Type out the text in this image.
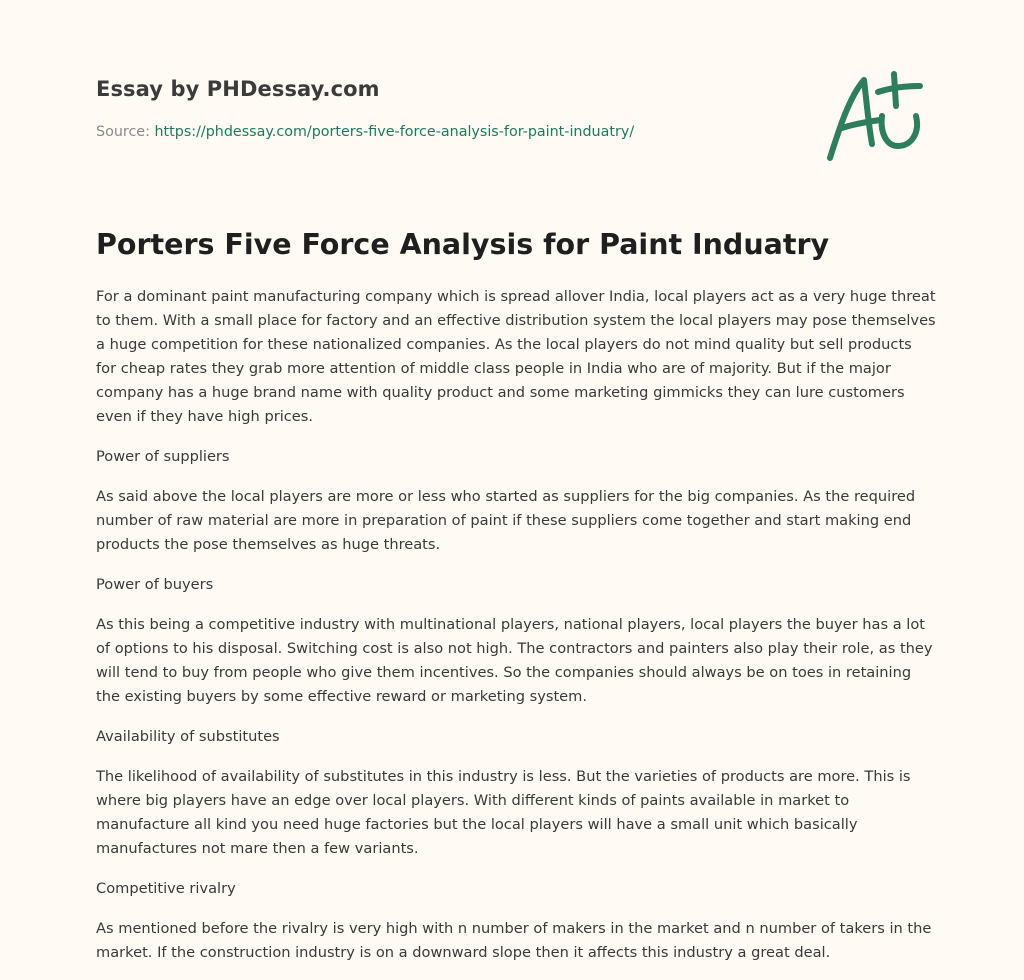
Essay by PHDessay.com
Source: https://phdessay.com/porters-five-force-analysis-for-paint-induatry/
Porters Five Force Analysis for Paint Induatry

For a dominant paint manufacturing company which is spread allover India, local players act as a very huge threat to them. With a small place for factory and an effective distribution system the local players may pose themselves a huge competition for these nationalized companies. As the local players do not mind quality but sell products for cheap rates they grab more attention of middle class people in India who are of majority. But if the major company has a huge brand name with quality product and some marketing gimmicks they can lure customers even if they have high prices.

Power of suppliers

As said above the local players are more or less who started as suppliers for the big companies. As the required number of raw material are more in preparation of paint if these suppliers come together and start making end products the pose themselves as huge threats.

Power of buyers

As this being a competitive industry with multinational players, national players, local players the buyer has a lot of options to his disposal. Switching cost is also not high. The contractors and painters also play their role, as they will tend to buy from people who give them incentives. So the companies should always be on toes in retaining the existing buyers by some effective reward or marketing system.

Availability of substitutes

The likelihood of availability of substitutes in this industry is less. But the varieties of products are more. This is where big players have an edge over local players. With different kinds of paints available in market to manufacture all kind you need huge factories but the local players will have a small unit which basically manufactures not mare then a few variants.

Competitive rivalry

As mentioned before the rivalry is very high with n number of makers in the market and n number of takers in the market. If the construction industry is on a downward slope then it affects this industry a great deal.
